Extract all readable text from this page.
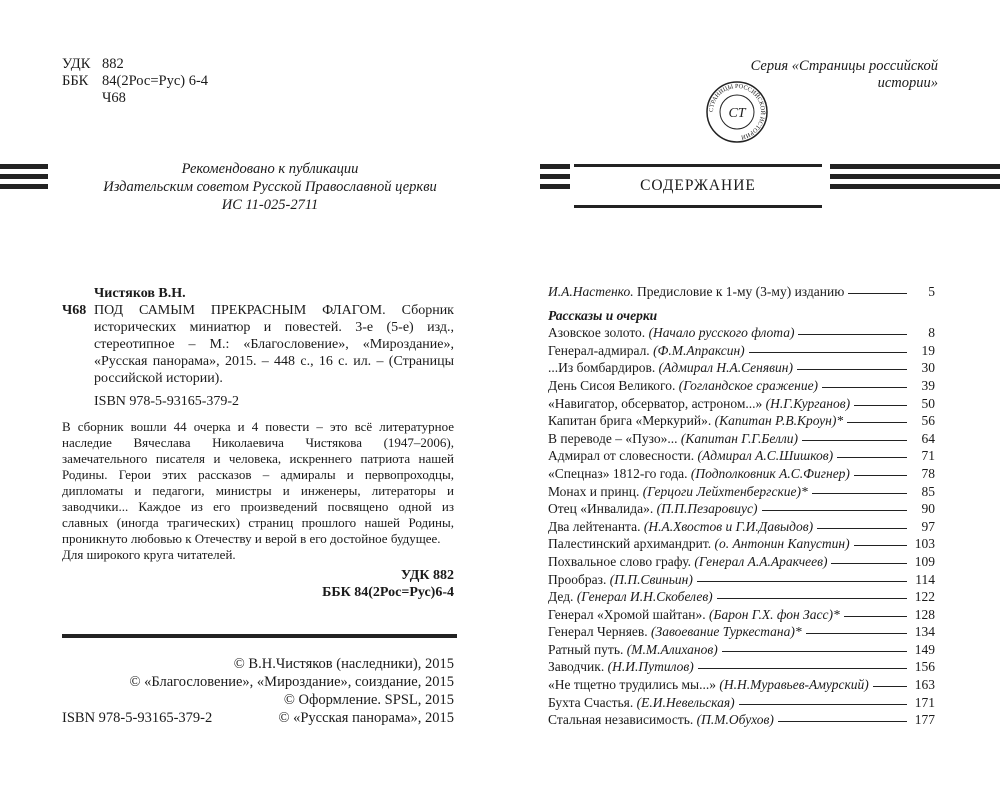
УДК 882
ББК 84(2Рос=Рус) 6-4
Ч68
Рекомендовано к публикации
Издательским советом Русской Православной церкви
ИС 11-025-2711
Чистяков В.Н.
Ч68 ПОД САМЫМ ПРЕКРАСНЫМ ФЛАГОМ. Сборник исторических миниатюр и повестей. 3-е (5-е) изд., стереотипное – М.: «Благословение», «Мироздание», «Русская панорама», 2015. – 448 с., 16 с. ил. – (Страницы российской истории).
ISBN 978-5-93165-379-2
В сборник вошли 44 очерка и 4 повести – это всё литературное наследие Вячеслава Николаевича Чистякова (1947–2006), замечательного писателя и человека, искреннего патриота нашей Родины. Герои этих рассказов – адмиралы и первопроходцы, дипломаты и педагоги, министры и инженеры, литераторы и заводчики... Каждое из его произведений посвящено одной из славных (иногда трагических) страниц прошлого нашей Родины, проникнуто любовью к Отечеству и верой в его достойное будущее.
Для широкого круга читателей.
УДК 882
ББК 84(2Рос=Рус)6-4
© В.Н.Чистяков (наследники), 2015
© «Благословение», «Мироздание», соиздание, 2015
© Оформление. SPSL, 2015
ISBN 978-5-93165-379-2	© «Русская панорама», 2015
Серия «Страницы российской
истории»
СТРАНИЦЫ РОССИЙСКОЙ ИСТОРИИ
СТ
СОДЕРЖАНИЕ
И.А.Настенко. Предисловие к 1-му (3-му) изданию	5
Рассказы и очерки
Азовское золото. (Начало русского флота)	8
Генерал-адмирал. (Ф.М.Апраксин)	19
...Из бомбардиров. (Адмирал Н.А.Сенявин)	30
День Сисоя Великого. (Гогландское сражение)	39
«Навигатор, обсерватор, астроном...» (Н.Г.Курганов)	50
Капитан брига «Меркурий». (Капитан Р.В.Кроун)*	56
В переводе – «Пузо»... (Капитан Г.Г.Белли)	64
Адмирал от словесности. (Адмирал А.С.Шишков)	71
«Спецназ» 1812-го года. (Подполковник А.С.Фигнер)	78
Монах и принц. (Герцоги Лейхтенбергские)*	85
Отец «Инвалида». (П.П.Пезаровиус)	90
Два лейтенанта. (Н.А.Хвостов и Г.И.Давыдов)	97
Палестинский архимандрит. (о. Антонин Капустин)	103
Похвальное слово графу. (Генерал А.А.Аракчеев)	109
Прообраз. (П.П.Свиньин)	114
Дед. (Генерал И.Н.Скобелев)	122
Генерал «Хромой шайтан». (Барон Г.Х. фон Засс)*	128
Генерал Черняев. (Завоевание Туркестана)*	134
Ратный путь. (М.М.Алиханов)	149
Заводчик. (Н.И.Путилов)	156
«Не тщетно трудились мы...» (Н.Н.Муравьев-Амурский)	163
Бухта Счастья. (Е.И.Невельская)	171
Стальная независимость. (П.М.Обухов)	177
